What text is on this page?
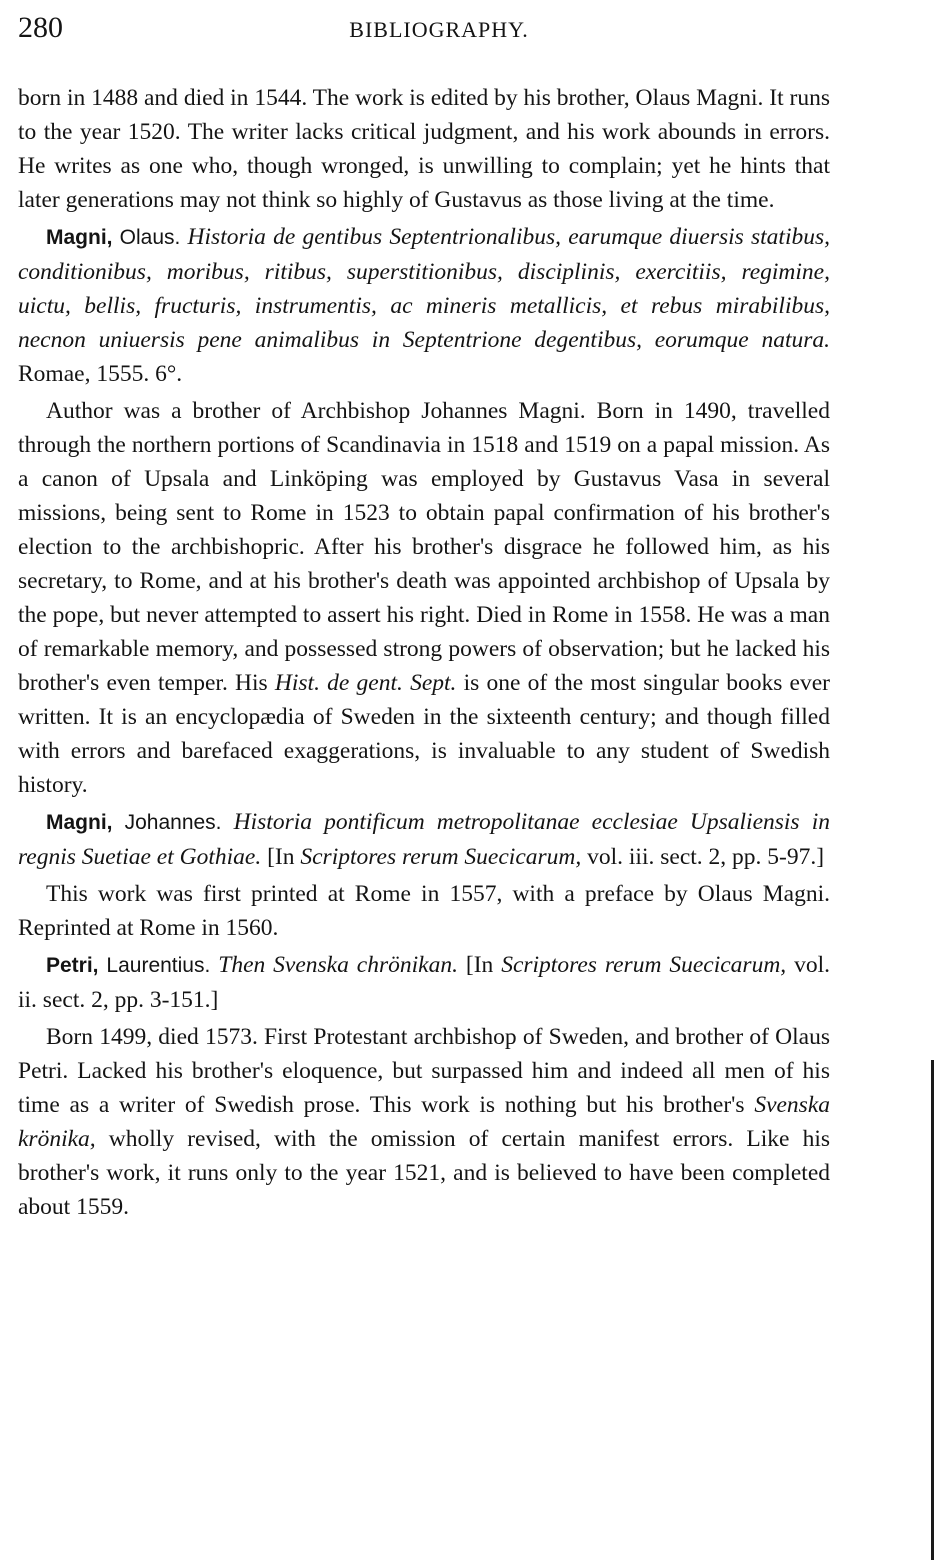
280	BIBLIOGRAPHY.

born in 1488 and died in 1544. The work is edited by his brother, Olaus Magni. It runs to the year 1520. The writer lacks critical judgment, and his work abounds in errors. He writes as one who, though wronged, is unwilling to complain; yet he hints that later generations may not think so highly of Gustavus as those living at the time.

Magni, Olaus. Historia de gentibus Septentrionalibus, earumque diuersis statibus, conditionibus, moribus, ritibus, superstitionibus, disciplinis, exercitiis, regimine, uictu, bellis, fructuris, instrumentis, ac mineris metallicis, et rebus mirabilibus, necnon uniuersis pene animalibus in Septentrione degentibus, eorumque natura. Romae, 1555. 6°.

Author was a brother of Archbishop Johannes Magni. Born in 1490, travelled through the northern portions of Scandinavia in 1518 and 1519 on a papal mission. As a canon of Upsala and Linköping was employed by Gustavus Vasa in several missions, being sent to Rome in 1523 to obtain papal confirmation of his brother's election to the archbishopric. After his brother's disgrace he followed him, as his secretary, to Rome, and at his brother's death was appointed archbishop of Upsala by the pope, but never attempted to assert his right. Died in Rome in 1558. He was a man of remarkable memory, and possessed strong powers of observation; but he lacked his brother's even temper. His Hist. de gent. Sept. is one of the most singular books ever written. It is an encyclopædia of Sweden in the sixteenth century; and though filled with errors and barefaced exaggerations, is invaluable to any student of Swedish history.

Magni, Johannes. Historia pontificum metropolitanae ecclesiae Upsaliensis in regnis Suetiae et Gothiae. [In Scriptores rerum Suecicarum, vol. iii. sect. 2, pp. 5-97.]

This work was first printed at Rome in 1557, with a preface by Olaus Magni. Reprinted at Rome in 1560.

Petri, Laurentius. Then Svenska chrönikan. [In Scriptores rerum Suecicarum, vol. ii. sect. 2, pp. 3-151.]

Born 1499, died 1573. First Protestant archbishop of Sweden, and brother of Olaus Petri. Lacked his brother's eloquence, but surpassed him and indeed all men of his time as a writer of Swedish prose. This work is nothing but his brother's Svenska krönika, wholly revised, with the omission of certain manifest errors. Like his brother's work, it runs only to the year 1521, and is believed to have been completed about 1559.
